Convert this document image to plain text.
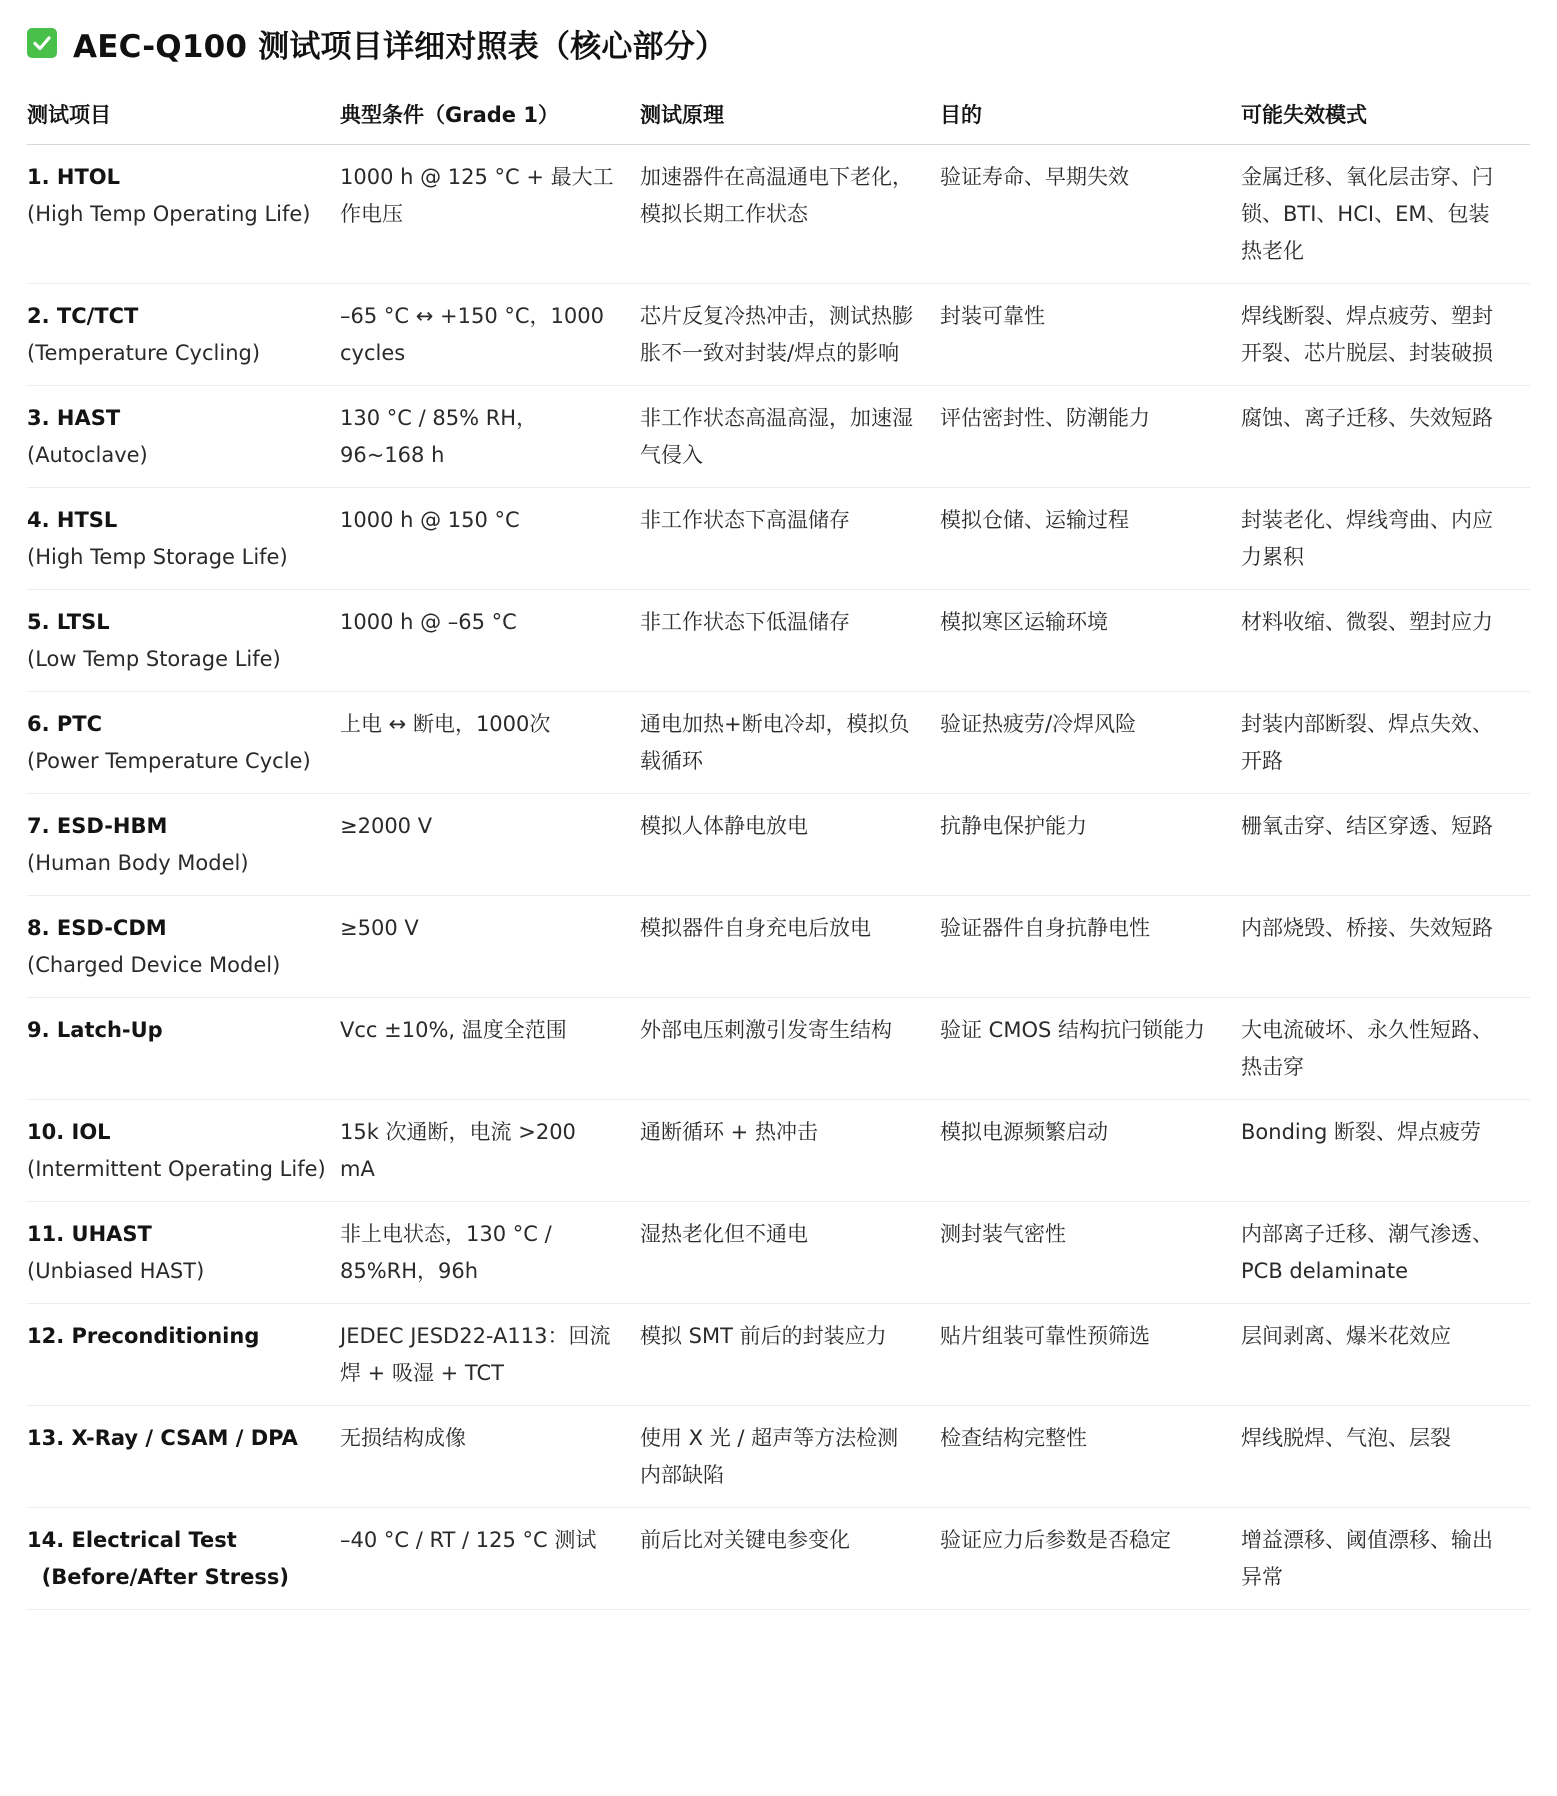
AEC-Q100 测试项目详细对照表（核心部分）
测试项目	典型条件（Grade 1）	测试原理	目的	可能失效模式

1. HTOL
(High Temp Operating Life)	1000 h @ 125 °C + 最大工作电压	加速器件在高温通电下老化，模拟长期工作状态	验证寿命、早期失效	金属迁移、氧化层击穿、闩锁、BTI、HCI、EM、包装热老化

2. TC/TCT
(Temperature Cycling)	–65 °C ↔ +150 °C，1000 cycles	芯片反复冷热冲击，测试热膨胀不一致对封装/焊点的影响	封装可靠性	焊线断裂、焊点疲劳、塑封开裂、芯片脱层、封装破损

3. HAST
(Autoclave)	130 °C / 85% RH，96~168 h	非工作状态高温高湿，加速湿气侵入	评估密封性、防潮能力	腐蚀、离子迁移、失效短路

4. HTSL
(High Temp Storage Life)	1000 h @ 150 °C	非工作状态下高温储存	模拟仓储、运输过程	封装老化、焊线弯曲、内应力累积

5. LTSL
(Low Temp Storage Life)	1000 h @ –65 °C	非工作状态下低温储存	模拟寒区运输环境	材料收缩、微裂、塑封应力

6. PTC
(Power Temperature Cycle)	上电 ↔ 断电，1000次	通电加热+断电冷却，模拟负载循环	验证热疲劳/冷焊风险	封装内部断裂、焊点失效、开路

7. ESD-HBM
(Human Body Model)	≥2000 V	模拟人体静电放电	抗静电保护能力	栅氧击穿、结区穿透、短路

8. ESD-CDM
(Charged Device Model)	≥500 V	模拟器件自身充电后放电	验证器件自身抗静电性	内部烧毁、桥接、失效短路

9. Latch-Up	Vcc ±10%, 温度全范围	外部电压刺激引发寄生结构	验证 CMOS 结构抗闩锁能力	大电流破坏、永久性短路、热击穿

10. IOL
(Intermittent Operating Life)	15k 次通断，电流 >200 mA	通断循环 + 热冲击	模拟电源频繁启动	Bonding 断裂、焊点疲劳

11. UHAST
(Unbiased HAST)	非上电状态，130 °C / 85%RH，96h	湿热老化但不通电	测封装气密性	内部离子迁移、潮气渗透、PCB delaminate

12. Preconditioning	JEDEC JESD22-A113：回流焊 + 吸湿 + TCT	模拟 SMT 前后的封装应力	贴片组装可靠性预筛选	层间剥离、爆米花效应

13. X-Ray / CSAM / DPA	无损结构成像	使用 X 光 / 超声等方法检测内部缺陷	检查结构完整性	焊线脱焊、气泡、层裂

14. Electrical Test
(Before/After Stress)	–40 °C / RT / 125 °C 测试	前后比对关键电参变化	验证应力后参数是否稳定	增益漂移、阈值漂移、输出异常
